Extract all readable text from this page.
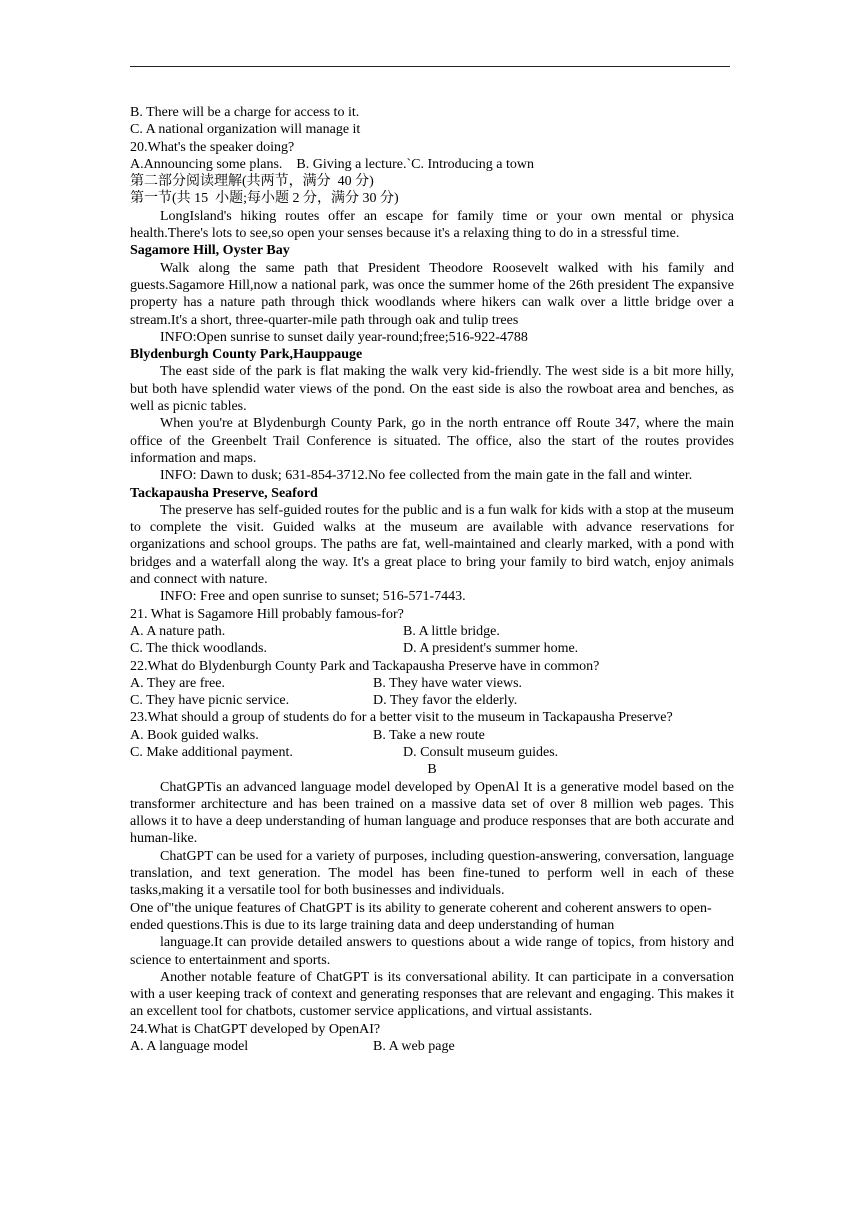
B. There will be a charge for access to it.
C. A national organization will manage it
20.What's the speaker doing?
A.Announcing some plans.    B. Giving a lecture.`C. Introducing a town
第二部分阅读理解(共两节，满分  40 分)
第一节(共 15  小题;每小题 2 分，满分 30 分)
LongIsland's hiking routes offer an escape for family time or your own mental or physica health.There's lots to see,so open your senses because it's a relaxing thing to do in a stressful time.
Sagamore Hill, Oyster Bay
Walk along the same path that President Theodore Roosevelt walked with his family and guests.Sagamore Hill,now a national park, was once the summer home of the 26th president The expansive property has a nature path through thick woodlands where hikers can walk over a little bridge over a stream.It's a short, three-quarter-mile path through oak and tulip trees
INFO:Open sunrise to sunset daily year-round;free;516-922-4788
Blydenburgh County Park,Hauppauge
The east side of the park is flat making the walk very kid-friendly. The west side is a bit more hilly, but both have splendid water views of the pond. On the east side is also the rowboat area and benches, as well as picnic tables.
When you're at Blydenburgh County Park, go in the north entrance off Route 347, where the main office of the Greenbelt Trail Conference is situated. The office, also the start of the routes provides information and maps.
INFO: Dawn to dusk; 631-854-3712.No fee collected from the main gate in the fall and winter.
Tackapausha Preserve, Seaford
The preserve has self-guided routes for the public and is a fun walk for kids with a stop at the museum to complete the visit. Guided walks at the museum are available with advance reservations for organizations and school groups. The paths are fat, well-maintained and clearly marked, with a pond with bridges and a waterfall along the way. It's a great place to bring your family to bird watch, enjoy animals and connect with nature.
INFO: Free and open sunrise to sunset; 516-571-7443.
21. What is Sagamore Hill probably famous-for?
A. A nature path.	B. A little bridge.
C. The thick woodlands.	D. A president's summer home.
22.What do Blydenburgh County Park and Tackapausha Preserve have in common?
A. They are free.	B. They have water views.
C. They have picnic service.	D. They favor the elderly.
23.What should a group of students do for a better visit to the museum in Tackapausha Preserve?
A. Book guided walks.	B. Take a new route
C. Make additional payment.	D. Consult museum guides.
B
ChatGPTis an advanced language model developed by OpenAl It is a generative model based on the transformer architecture and has been trained on a massive data set of over 8 million web pages. This allows it to have a deep understanding of human language and produce responses that are both accurate and human-like.
ChatGPT can be used for a variety of purposes, including question-answering, conversation, language translation, and text generation. The model has been fine-tuned to perform well in each of these tasks,making it a versatile tool for both businesses and individuals.
One of"the unique features of ChatGPT is its ability to generate coherent and coherent answers to open-ended questions.This is due to its large training data and deep understanding of human
language.It can provide detailed answers to questions about a wide range of topics, from history and science to entertainment and sports.
Another notable feature of ChatGPT is its conversational ability. It can participate in a conversation with a user keeping track of context and generating responses that are relevant and engaging. This makes it an excellent tool for chatbots, customer service applications, and virtual assistants.
24.What is ChatGPT developed by OpenAI?
A. A language model	B. A web page
